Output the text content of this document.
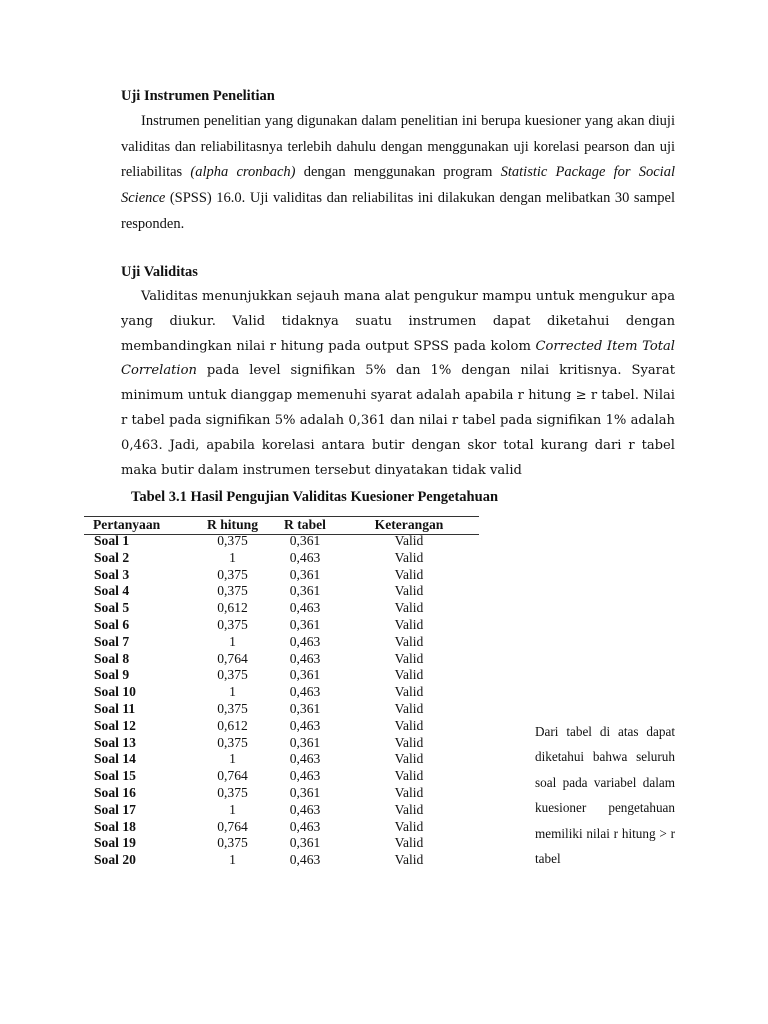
Uji Instrumen Penelitian
Instrumen penelitian yang digunakan dalam penelitian ini berupa kuesioner yang akan diuji validitas dan reliabilitasnya terlebih dahulu dengan menggunakan uji korelasi pearson dan uji reliabilitas (alpha cronbach) dengan menggunakan program Statistic Package for Social Science (SPSS) 16.0. Uji validitas dan reliabilitas ini dilakukan dengan melibatkan 30 sampel responden.
Uji Validitas
Validitas menunjukkan sejauh mana alat pengukur mampu untuk mengukur apa yang diukur. Valid tidaknya suatu instrumen dapat diketahui dengan membandingkan nilai r hitung pada output SPSS pada kolom Corrected Item Total Correlation pada level signifikan 5% dan 1% dengan nilai kritisnya. Syarat minimum untuk dianggap memenuhi syarat adalah apabila r hitung ≥ r tabel. Nilai r tabel pada signifikan 5% adalah 0,361 dan nilai r tabel pada signifikan 1% adalah 0,463. Jadi, apabila korelasi antara butir dengan skor total kurang dari r tabel maka butir dalam instrumen tersebut dinyatakan tidak valid
Tabel 3.1 Hasil Pengujian Validitas Kuesioner Pengetahuan
Pertanyaan	R hitung	R tabel	Keterangan
Soal 1	0,375	0,361	Valid
Soal 2	1	0,463	Valid
Soal 3	0,375	0,361	Valid
Soal 4	0,375	0,361	Valid
Soal 5	0,612	0,463	Valid
Soal 6	0,375	0,361	Valid
Soal 7	1	0,463	Valid
Soal 8	0,764	0,463	Valid
Soal 9	0,375	0,361	Valid
Soal 10	1	0,463	Valid
Soal 11	0,375	0,361	Valid
Soal 12	0,612	0,463	Valid
Soal 13	0,375	0,361	Valid
Soal 14	1	0,463	Valid
Soal 15	0,764	0,463	Valid
Soal 16	0,375	0,361	Valid
Soal 17	1	0,463	Valid
Soal 18	0,764	0,463	Valid
Soal 19	0,375	0,361	Valid
Soal 20	1	0,463	Valid
Dari tabel di atas dapat diketahui bahwa seluruh soal pada variabel dalam kuesioner pengetahuan memiliki nilai r hitung > r tabel
